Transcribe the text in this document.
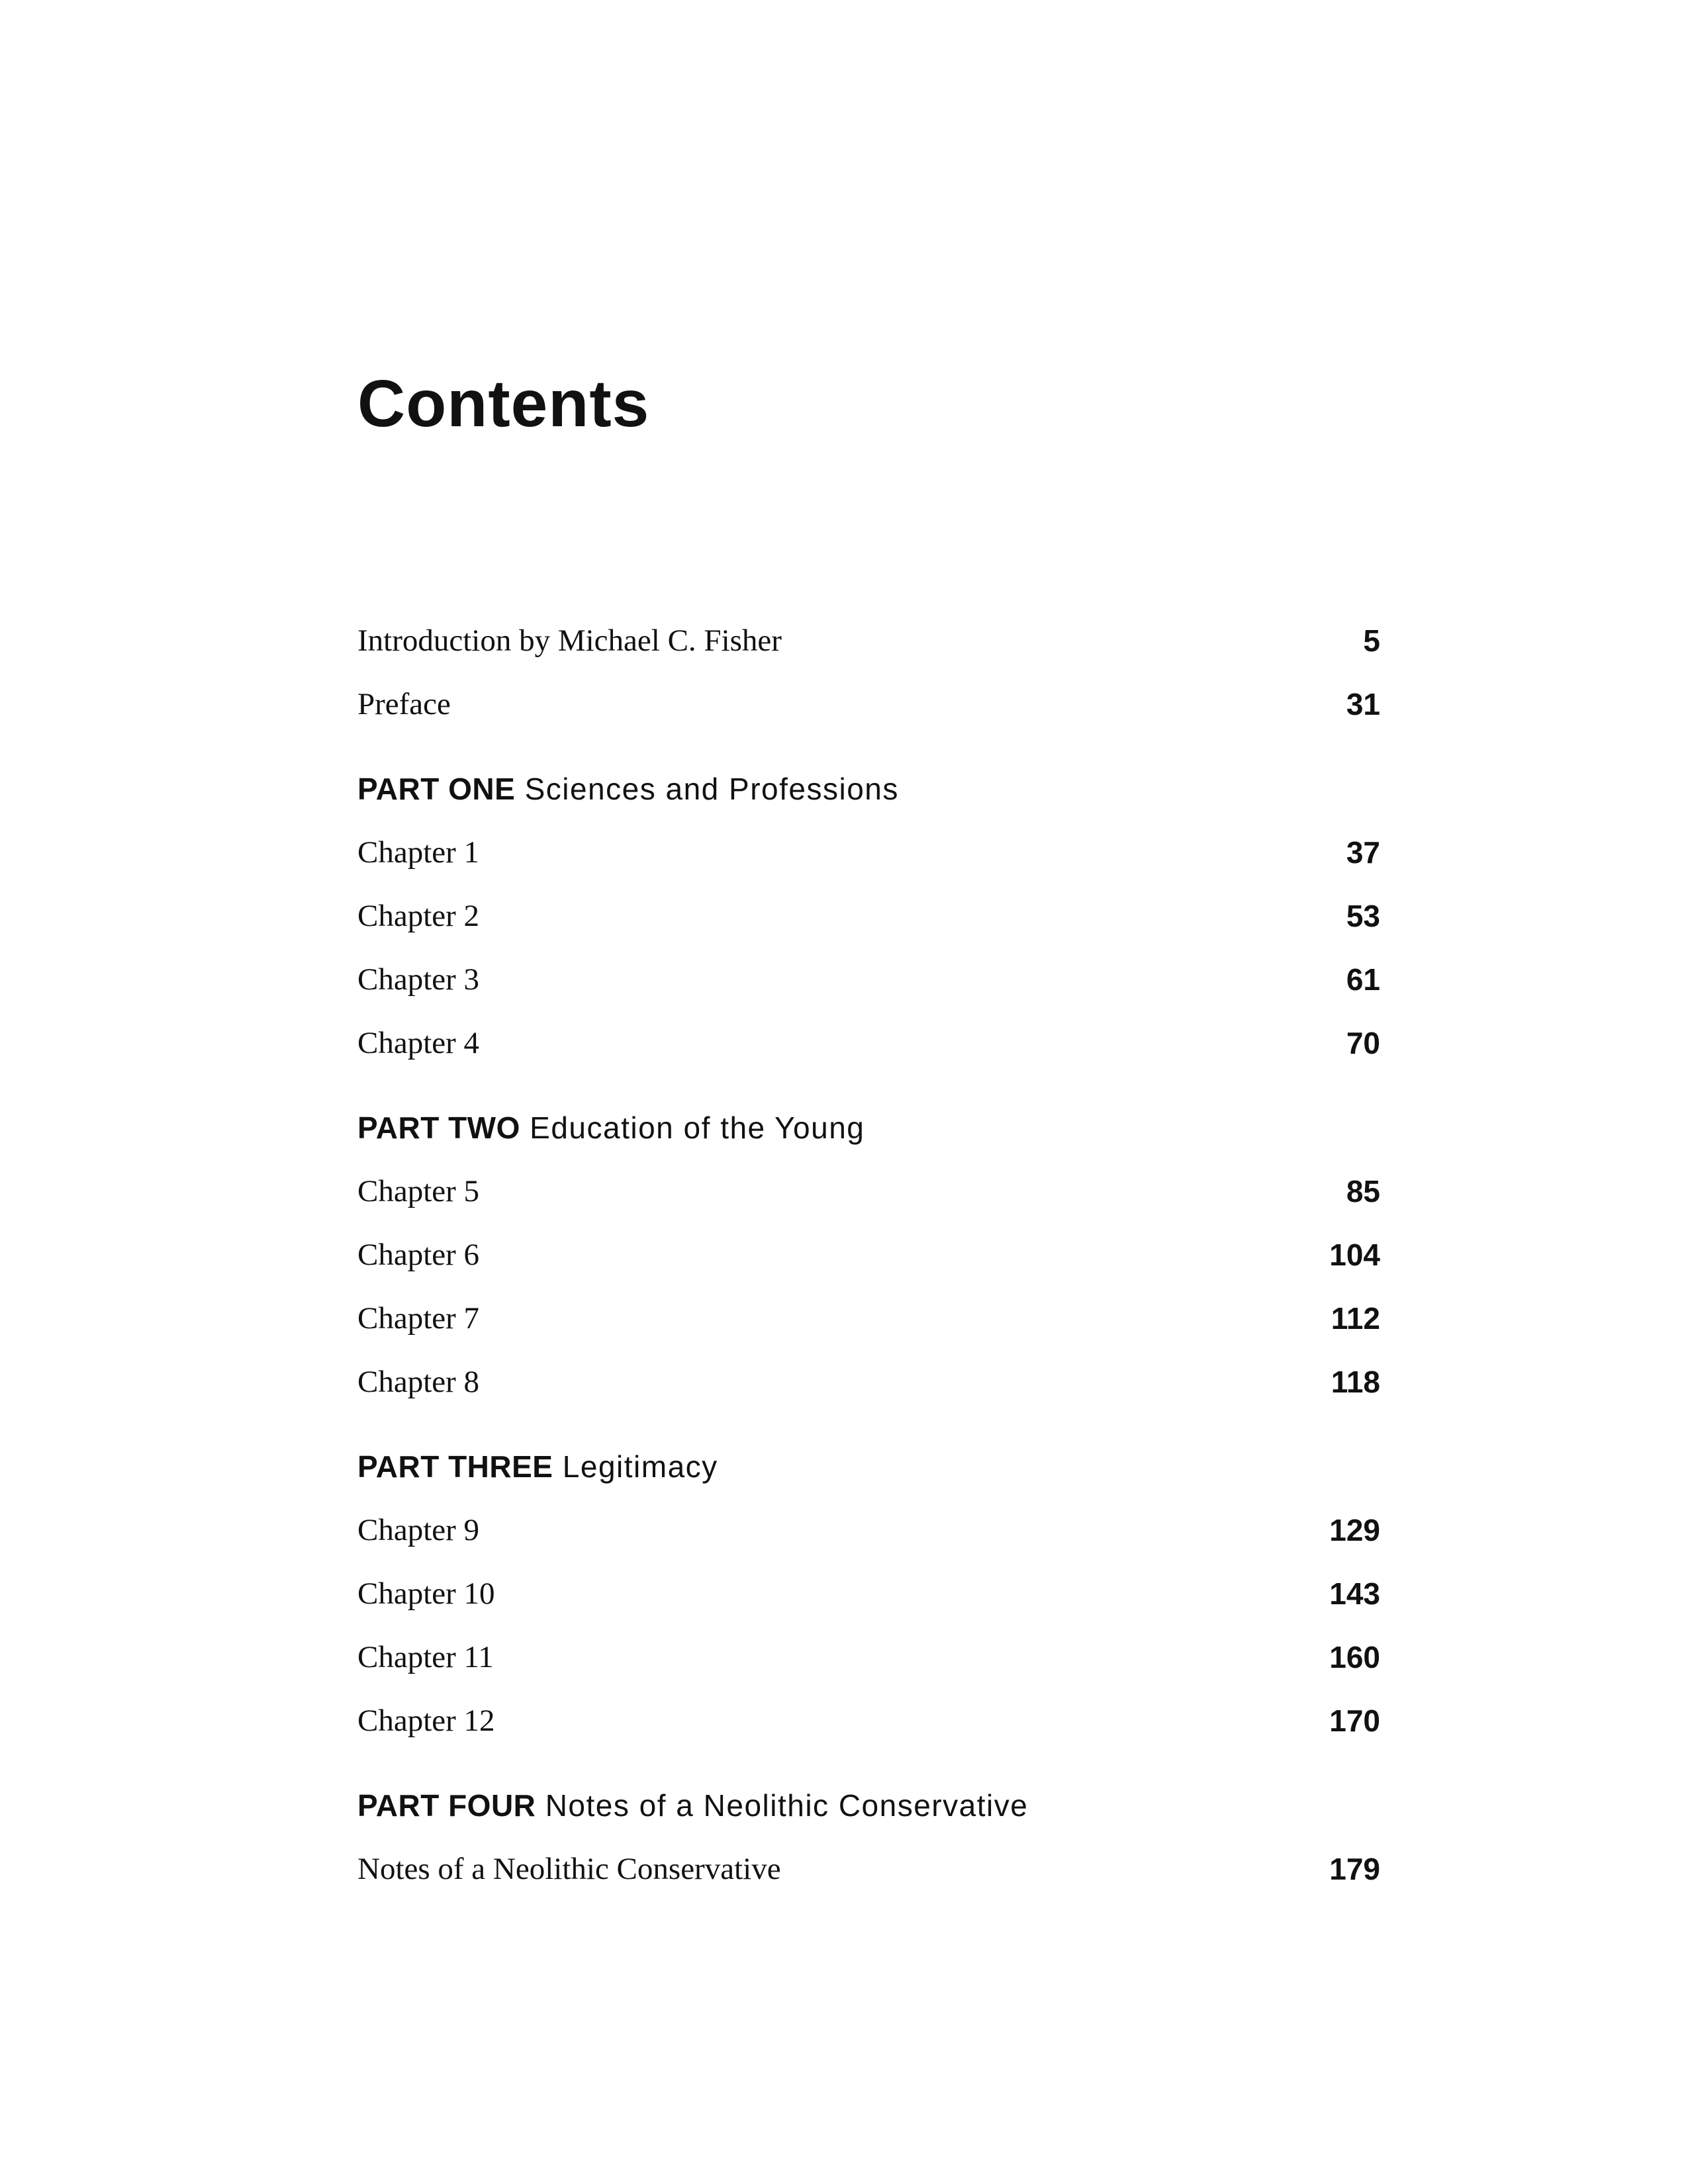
Contents
Introduction by Michael C. Fisher	5
Preface	31
PART ONE Sciences and Professions
Chapter 1	37
Chapter 2	53
Chapter 3	61
Chapter 4	70
PART TWO Education of the Young
Chapter 5	85
Chapter 6	104
Chapter 7	112
Chapter 8	118
PART THREE Legitimacy
Chapter 9	129
Chapter 10	143
Chapter 11	160
Chapter 12	170
PART FOUR Notes of a Neolithic Conservative
Notes of a Neolithic Conservative	179
